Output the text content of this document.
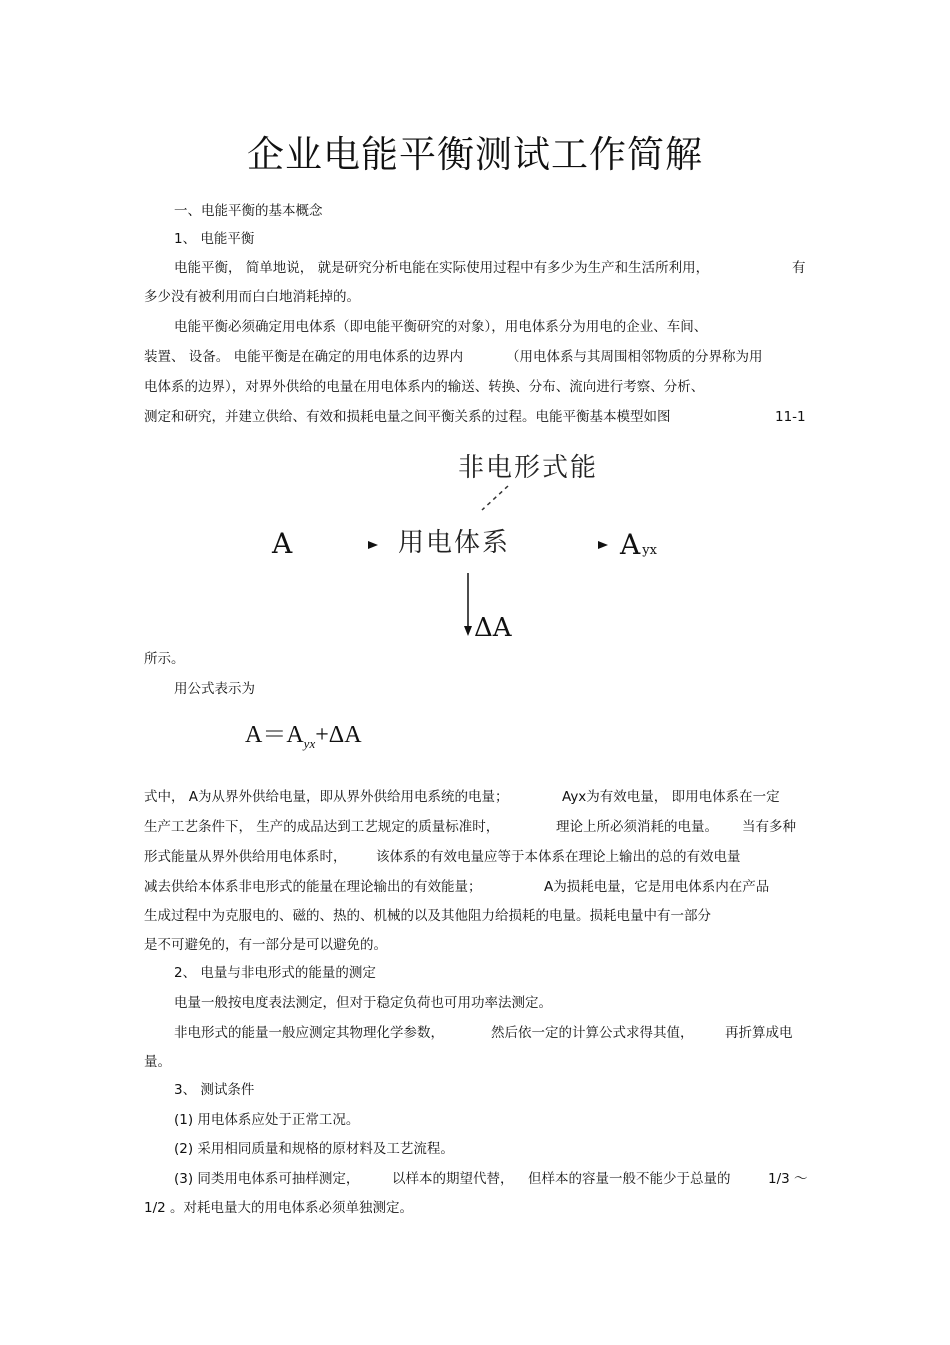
企业电能平衡测试工作简解
一、电能平衡的基本概念
1、 电能平衡
电能平衡， 简单地说， 就是研究分析电能在实际使用过程中有多少为生产和生活所利用，	有
多少没有被利用而白白地消耗掉的。
电能平衡必须确定用电体系（即电能平衡研究的对象），用电体系分为用电的企业、车间、
装置、 设备。 电能平衡是在确定的用电体系的边界内	（用电体系与其周围相邻物质的分界称为用
电体系的边界），对界外供给的电量在用电体系内的输送、转换、分布、流向进行考察、分析、
测定和研究，并建立供给、有效和损耗电量之间平衡关系的过程。电能平衡基本模型如图	11-1
非电形式能
A	用电体系	Ayx
ΔA
所示。
用公式表示为
$A=A_{yx}+\Delta A$
式中， A为从界外供给电量，即从界外供给用电系统的电量；	Ayx为有效电量， 即用电体系在一定
生产工艺条件下， 生产的成品达到工艺规定的质量标准时，	理论上所必须消耗的电量。 当有多种
形式能量从界外供给用电体系时， 该体系的有效电量应等于本体系在理论上输出的总的有效电量
减去供给本体系非电形式的能量在理论输出的有效能量；	A为损耗电量，它是用电体系内在产品
生成过程中为克服电的、磁的、热的、机械的以及其他阻力给损耗的电量。损耗电量中有一部分
是不可避免的，有一部分是可以避免的。
2、 电量与非电形式的能量的测定
电量一般按电度表法测定，但对于稳定负荷也可用功率法测定。
非电形式的能量一般应测定其物理化学参数，	然后依一定的计算公式求得其值， 再折算成电
量。
3、 测试条件
(1) 用电体系应处于正常工况。
(2) 采用相同质量和规格的原材料及工艺流程。
(3) 同类用电体系可抽样测定， 以样本的期望代替， 但样本的容量一般不能少于总量的	1/3 ～
1/2 。对耗电量大的用电体系必须单独测定。
